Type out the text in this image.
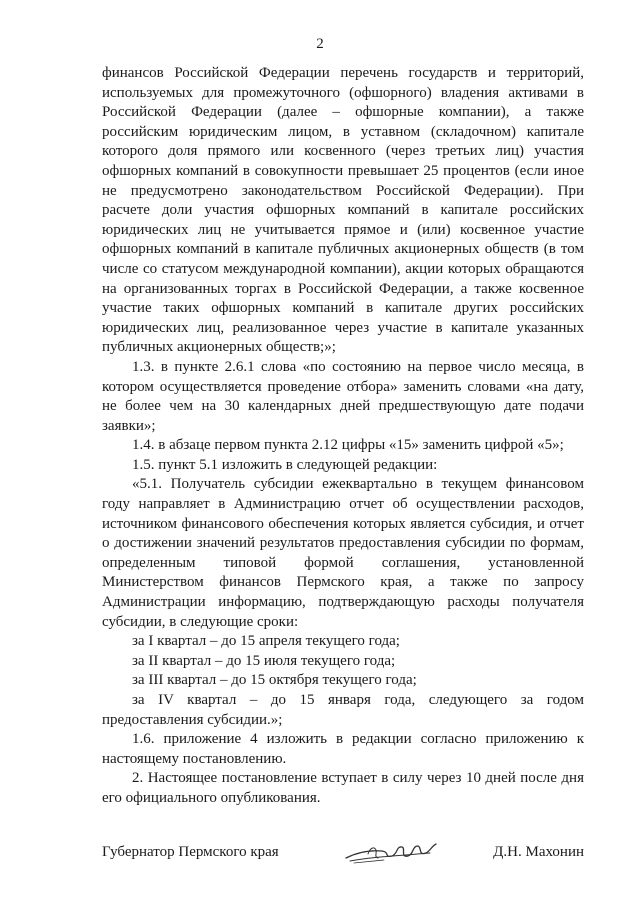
2

финансов Российской Федерации перечень государств и территорий, используемых для промежуточного (офшорного) владения активами в Российской Федерации (далее – офшорные компании), а также российским юридическим лицом, в уставном (складочном) капитале которого доля прямого или косвенного (через третьих лиц) участия офшорных компаний в совокупности превышает 25 процентов (если иное не предусмотрено законодательством Российской Федерации). При расчете доли участия офшорных компаний в капитале российских юридических лиц не учитывается прямое и (или) косвенное участие офшорных компаний в капитале публичных акционерных обществ (в том числе со статусом международной компании), акции которых обращаются на организованных торгах в Российской Федерации, а также косвенное участие таких офшорных компаний в капитале других российских юридических лиц, реализованное через участие в капитале указанных публичных акционерных обществ;»;

1.3. в пункте 2.6.1 слова «по состоянию на первое число месяца, в котором осуществляется проведение отбора» заменить словами «на дату, не более чем на 30 календарных дней предшествующую дате подачи заявки»;

1.4. в абзаце первом пункта 2.12 цифры «15» заменить цифрой «5»;

1.5. пункт 5.1 изложить в следующей редакции:

«5.1. Получатель субсидии ежеквартально в текущем финансовом году направляет в Администрацию отчет об осуществлении расходов, источником финансового обеспечения которых является субсидия, и отчет о достижении значений результатов предоставления субсидии по формам, определенным типовой формой соглашения, установленной Министерством финансов Пермского края, а также по запросу Администрации информацию, подтверждающую расходы получателя субсидии, в следующие сроки:

за I квартал – до 15 апреля текущего года;

за II квартал – до 15 июля текущего года;

за III квартал – до 15 октября текущего года;

за IV квартал – до 15 января года, следующего за годом предоставления субсидии.»;

1.6. приложение 4 изложить в редакции согласно приложению к настоящему постановлению.

2. Настоящее постановление вступает в силу через 10 дней после дня его официального опубликования.

Губернатор Пермского края	Д.Н. Махонин
